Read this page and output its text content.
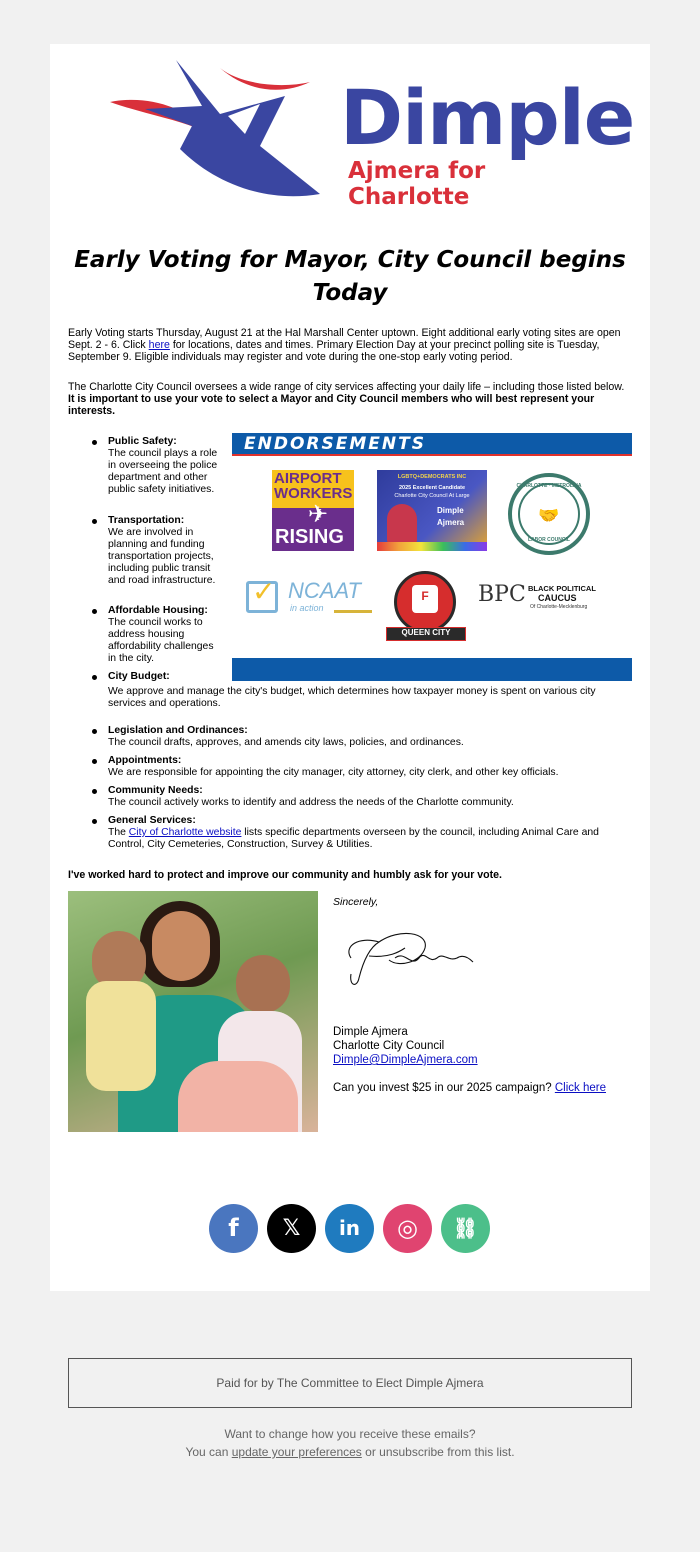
Dimple
Ajmera for Charlotte
Early Voting for Mayor, City Council begins Today
Early Voting starts Thursday, August 21 at the Hal Marshall Center uptown. Eight additional early voting sites are open Sept. 2 - 6. Click here for locations, dates and times. Primary Election Day at your precinct polling site is Tuesday, September 9. Eligible individuals may register and vote during the one-stop early voting period.
The Charlotte City Council oversees a wide range of city services affecting your daily life – including those listed below. It is important to use your vote to select a Mayor and City Council members who will best represent your interests.
Public Safety:
The council plays a role in overseeing the police department and other public safety initiatives.
Transportation:
We are involved in planning and funding transportation projects, including public transit and road infrastructure.
Affordable Housing:
The council works to address housing affordability challenges in the city.
City Budget:

Legislation and Ordinances:
The council drafts, approves, and amends city laws, policies, and ordinances.
Appointments:
We are responsible for appointing the city manager, city attorney, city clerk, and other key officials.
Community Needs:
The council actively works to identify and address the needs of the Charlotte community.
General Services:
The City of Charlotte website lists specific departments overseen by the council, including Animal Care and Control, City Cemeteries, Construction, Survey & Utilities.
We approve and manage the city's budget, which determines how taxpayer money is spent on various city services and operations.
ENDORSEMENTS
AIRPORT
WORKERS
✈
RISING
LGBTQ+DEMOCRATS INC
2025 Excellent Candidate
Charlotte City Council At Large
Dimple
Ajmera
CHARLOTTE · METROLINA
🤝
LABOR COUNCIL
✓ NCAAT
in action
F
QUEEN CITY
BPC BLACK POLITICAL
CAUCUS
Of Charlotte-Mecklenburg
I've worked hard to protect and improve our community and humbly ask for your vote.
Sincerely,
Dimple Ajmera
Charlotte City Council
Dimple@DimpleAjmera.com
Can you invest $25 in our 2025 campaign? Click here
f	𝕏	in	◎	⛓
Paid for by The Committee to Elect Dimple Ajmera
Want to change how you receive these emails?
You can update your preferences or unsubscribe from this list.
